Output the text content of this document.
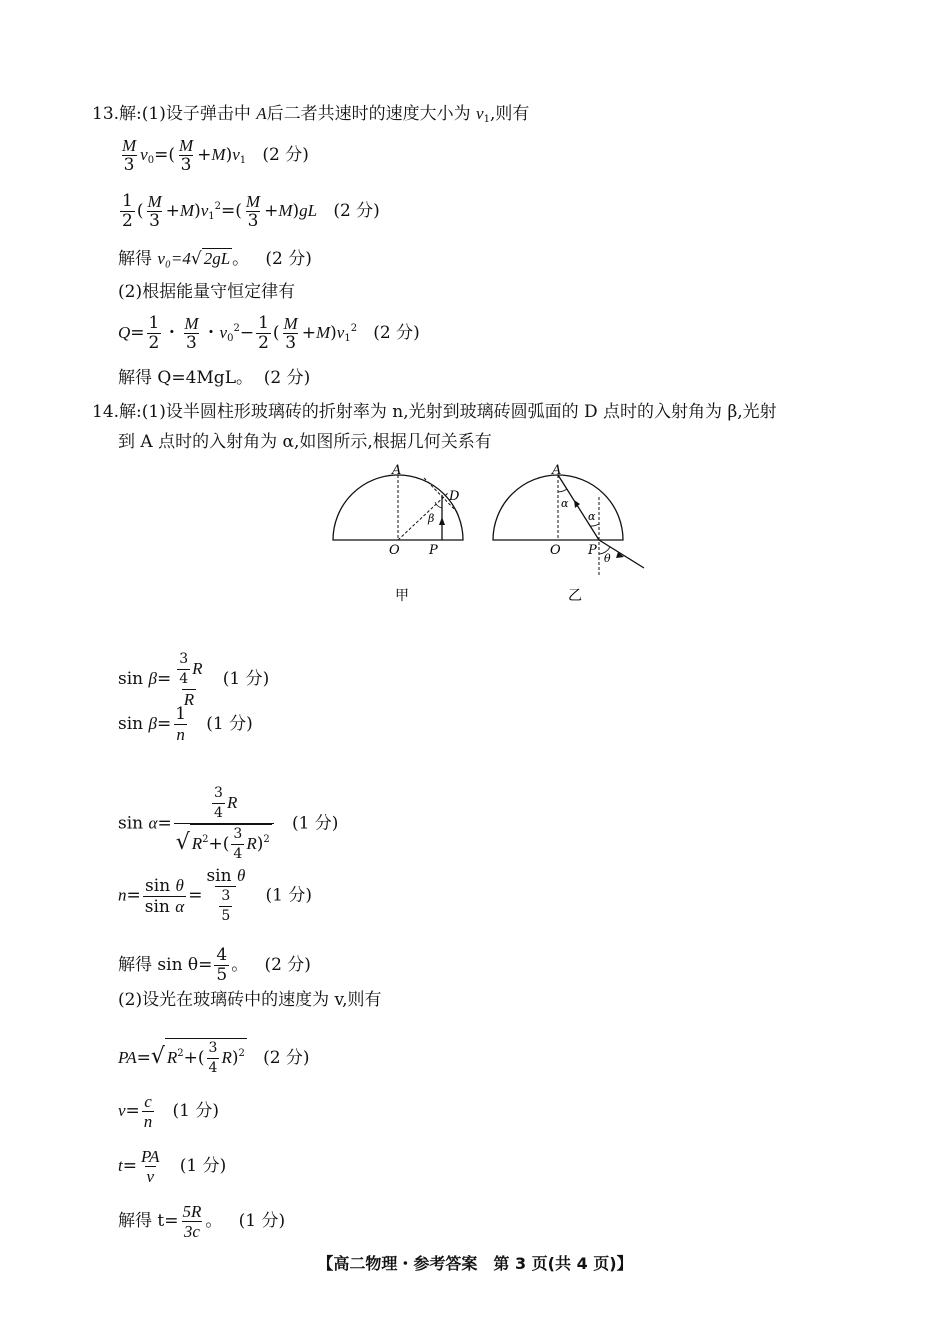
13.解:(1)设子弹击中 A后二者共速时的速度大小为 $v_1$,则有
$\frac{M}{3} v_0=( \frac{M}{3} +M)v_1$ (2 分)
$\frac{1}{2}$ ( $\frac{M}{3} +M)v_1^2=( \frac{M}{3} +M)gL$ (2 分)
解得 v₀=4√ 2gL 。 (2 分)
(2)根据能量守恒定律有
$Q= \frac{1}{2}$ ・ $\frac{M}{3}$ ・$v_0^2- \frac{1}{2}$ ( $\frac{M}{3} +M)v_1^2$ (2 分)
解得 Q=4MgL。 (2 分)
14.解:(1)设半圆柱形玻璃砖的折射率为 n,光射到玻璃砖圆弧面的 D 点时的入射角为 β,光射
到 A 点时的入射角为 α,如图所示,根据几何关系有
A
D
β
O P
甲
A
α
α
O P
θ
乙
$\sin \beta= \frac{\frac{3}{4} R}{R} (1$ 分)
$\sin \beta= \frac{1}{n} (1$ 分)
$\sin \alpha= \frac{\frac{3}{4} R}{√ R^2+( \frac{3}{4} R)^2} (1$ 分)
$n= \frac{\text{sin θ}}{\text{sin α}} = \frac{\text{sin θ}}{\frac{3}{5}} (1$ 分)
解得 $\sin \theta= \frac{4}{5}$ 。 (2 分)
(2)设光在玻璃砖中的速度为 v,则有
PA=√ $R^2+( \frac{3}{4} R)^2$ (2 分)
$v= \frac{c}{n} (1$ 分)
$t= \frac{PA}{v} (1$ 分)
解得 $t= \frac{5R}{3c}$ 。 (1 分)
【高二物理・参考答案　第 3 页(共 4 页)】
